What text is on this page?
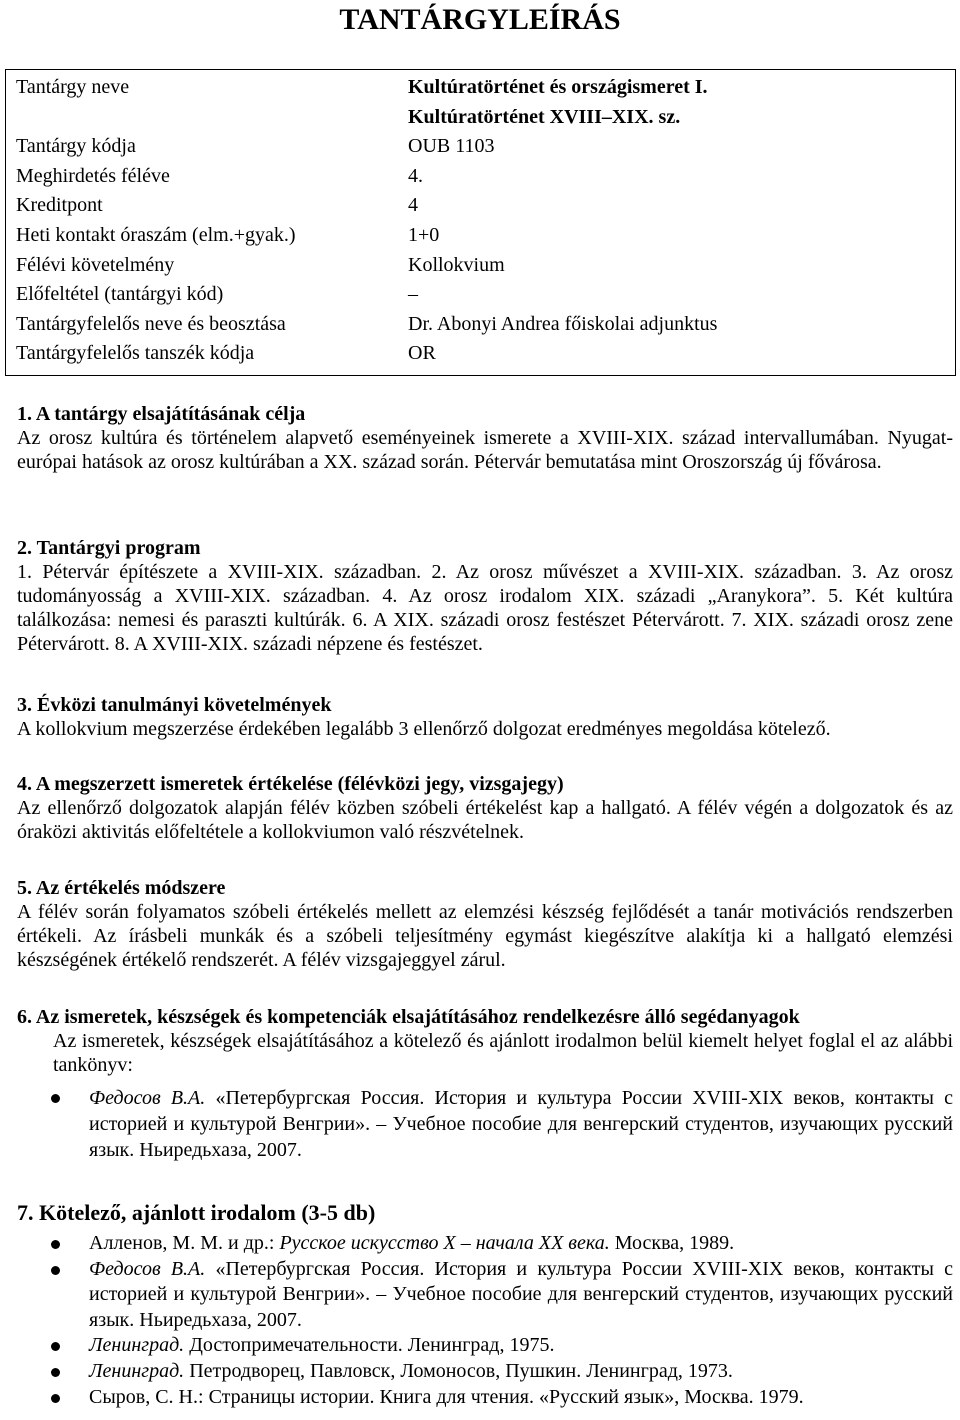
TANTÁRGYLEÍRÁS
Tantárgy neve	Kultúratörténet és országismeret I.
	Kultúratörténet XVIII–XIX. sz.
Tantárgy kódja	OUB 1103
Meghirdetés féléve	4.
Kreditpont	4
Heti kontakt óraszám (elm.+gyak.)	1+0
Félévi követelmény	Kollokvium
Előfeltétel (tantárgyi kód)	–
Tantárgyfelelős neve és beosztása	Dr. Abonyi Andrea főiskolai adjunktus
Tantárgyfelelős tanszék kódja	OR

1. A tantárgy elsajátításának célja

Az orosz kultúra és történelem alapvető eseményeinek ismerete a XVIII-XIX. század intervallumában. Nyugat-európai hatások az orosz kultúrában a XX. század során. Pétervár bemutatása mint Oroszország új fővárosa.

2. Tantárgyi program

1. Pétervár építészete a XVIII-XIX. században. 2. Az orosz művészet a XVIII-XIX. században. 3. Az orosz tudományosság a XVIII-XIX. században. 4. Az orosz irodalom XIX. századi „Aranykora”. 5. Két kultúra találkozása: nemesi és paraszti kultúrák. 6. A XIX. századi orosz festészet Pétervárott. 7. XIX. századi orosz zene Pétervárott. 8. A XVIII-XIX. századi népzene és festészet.

3. Évközi tanulmányi követelmények

A kollokvium megszerzése érdekében legalább 3 ellenőrző dolgozat eredményes megoldása kötelező.

4. A megszerzett ismeretek értékelése (félévközi jegy, vizsgajegy)

Az ellenőrző dolgozatok alapján félév közben szóbeli értékelést kap a hallgató. A félév végén a dolgozatok és az óraközi aktivitás előfeltétele a kollokviumon való részvételnek.

5. Az értékelés módszere

A félév során folyamatos szóbeli értékelés mellett az elemzési készség fejlődését a tanár motivációs rendszerben értékeli. Az írásbeli munkák és a szóbeli teljesítmény egymást kiegészítve alakítja ki a hallgató elemzési készségének értékelő rendszerét. A félév vizsgajeggyel zárul.

6. Az ismeretek, készségek és kompetenciák elsajátításához rendelkezésre álló segédanyagok

Az ismeretek, készségek elsajátításához a kötelező és ajánlott irodalmon belül kiemelt helyet foglal el az alábbi tankönyv:

Федосов В.А. «Петербургская Россия. История и культура России XVIII-XIX веков, контакты с историей и культурой Венгрии». – Учебное пособие для венгерский студентов, изучающих русский язык. Ньиредьхаза, 2007.

7. Kötelező, ajánlott irodalom (3-5 db)

Алленов, М. М. и др.: Русское искусство Х – начала ХХ века. Москва, 1989.
Федосов В.А. «Петербургская Россия. История и культура России XVIII-XIX веков, контакты с историей и культурой Венгрии». – Учебное пособие для венгерский студентов, изучающих русский язык. Ньиредьхаза, 2007.
Ленинград. Достопримечательности. Ленинград, 1975.
Ленинград. Петродворец, Павловск, Ломоносов, Пушкин. Ленинград, 1973.
Сыров, С. Н.: Страницы истории. Книга для чтения. «Русский язык», Москва. 1979.
